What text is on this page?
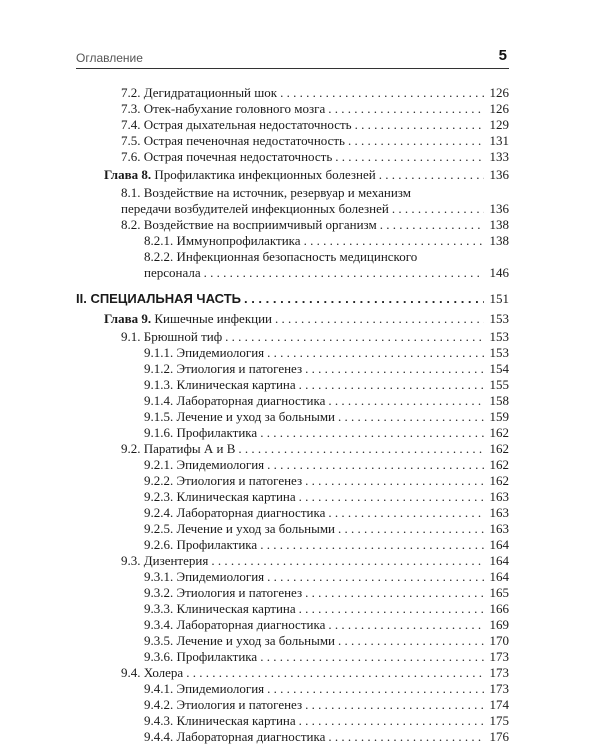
Оглавление	5
7.2. Дегидратационный шок . . .	126
7.3. Отек-набухание головного мозга . . .	126
7.4. Острая дыхательная недостаточность . . .	129
7.5. Острая печеночная недостаточность . . .	131
7.6. Острая почечная недостаточность . . .	133
Глава 8. Профилактика инфекционных болезней . . .	136
8.1. Воздействие на источник, резервуар и механизм
передачи возбудителей инфекционных болезней . . .	136
8.2. Воздействие на восприимчивый организм . . .	138
8.2.1. Иммунопрофилактика . . .	138
8.2.2. Инфекционная безопасность медицинского
персонала . . .	146
II. СПЕЦИАЛЬНАЯ ЧАСТЬ . . .	151
Глава 9. Кишечные инфекции . . .	153
9.1. Брюшной тиф . . .	153
9.1.1. Эпидемиология . . .	153
9.1.2. Этиология и патогенез . . .	154
9.1.3. Клиническая картина . . .	155
9.1.4. Лабораторная диагностика . . .	158
9.1.5. Лечение и уход за больными . . .	159
9.1.6. Профилактика . . .	162
9.2. Паратифы А и В . . .	162
9.2.1. Эпидемиология . . .	162
9.2.2. Этиология и патогенез . . .	162
9.2.3. Клиническая картина . . .	163
9.2.4. Лабораторная диагностика . . .	163
9.2.5. Лечение и уход за больными . . .	163
9.2.6. Профилактика . . .	164
9.3. Дизентерия . . .	164
9.3.1. Эпидемиология . . .	164
9.3.2. Этиология и патогенез . . .	165
9.3.3. Клиническая картина . . .	166
9.3.4. Лабораторная диагностика . . .	169
9.3.5. Лечение и уход за больными . . .	170
9.3.6. Профилактика . . .	173
9.4. Холера . . .	173
9.4.1. Эпидемиология . . .	173
9.4.2. Этиология и патогенез . . .	174
9.4.3. Клиническая картина . . .	175
9.4.4. Лабораторная диагностика . . .	176
